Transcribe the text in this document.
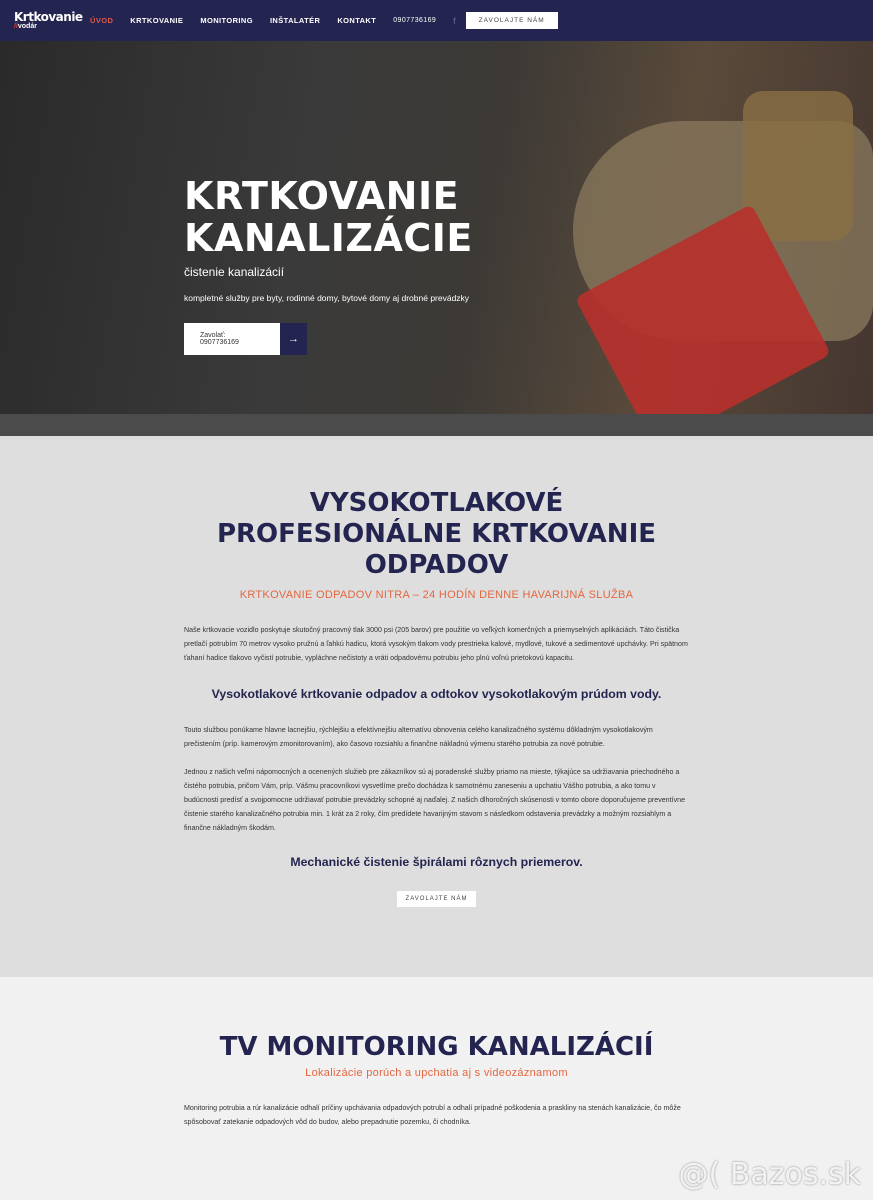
Krtkovanie
//vodár
ÚVOD KRTKOVANIE MONITORING INŠTALATÉR KONTAKT 0907736169 f	ZAVOLAJTE NÁM
KRTKOVANIE
KANALIZÁCIE
čistenie kanalizácií
kompletné služby pre byty, rodinné domy, bytové domy aj drobné prevádzky
Zavolať: 0907736169	→
VYSOKOTLAKOVÉ PROFESIONÁLNE KRTKOVANIE ODPADOV
KRTKOVANIE ODPADOV NITRA – 24 HODÍN DENNE HAVARIJNÁ SLUŽBA

Naše krtkovacie vozidlo poskytuje skutočný pracovný tlak 3000 psi (205 barov) pre použitie vo veľkých komerčných a priemyselných aplikáciách. Táto čistička pretlačí potrubím 70 metrov vysoko pružnú a ľahkú hadicu, ktorá vysokým tlakom vody prestrieka kalové, mydlové, tukové a sedimentové upchávky. Pri spätnom ťahaní hadice tlakovo vyčistí potrubie, vypláchne nečistoty a vráti odpadovému potrubiu jeho plnú voľnú prietokovú kapacitu.

Vysokotlakové krtkovanie odpadov a odtokov vysokotlakovým prúdom vody.

Touto službou ponúkame hlavne lacnejšiu, rýchlejšiu a efektívnejšiu alternatívu obnovenia celého kanalizačného systému dôkladným vysokotlakovým prečistením (príp. kamerovým zmonitorovaním), ako časovo rozsiahlu a finančne nákladnú výmenu starého potrubia za nové potrubie.

Jednou z našich veľmi nápomocných a ocenených služieb pre zákazníkov sú aj poradenské služby priamo na mieste, týkajúce sa udržiavania priechodného a čistého potrubia, pričom Vám, príp. Vášmu pracovníkovi vysvetlíme prečo dochádza k samotnému zaneseniu a upchatiu Vášho potrubia, a ako tomu v budúcnosti predísť a svojpomocne udržiavať potrubie prevádzky schopné aj naďalej. Z našich dlhoročných skúsenosti v tomto obore doporučujeme preventívne čistenie starého kanalizačného potrubia min. 1 krát za 2 roky, čím predídete havarijným stavom s následkom odstavenia prevádzky a možným rozsiahlym a finančne nákladným škodám.

Mechanické čistenie špirálami rôznych priemerov.
ZAVOLAJTE NÁM
TV MONITORING KANALIZÁCIÍ
Lokalizácie porúch a upchatia aj s videozáznamom

Monitoring potrubia a rúr kanalizácie odhalí príčiny upchávania odpadových potrubí a odhalí prípadné poškodenia a praskliny na stenách kanalizácie, čo môže spôsobovať zatekanie odpadových vôd do budov, alebo prepadnutie pozemku, či chodníka.

@( Bazos.sk
